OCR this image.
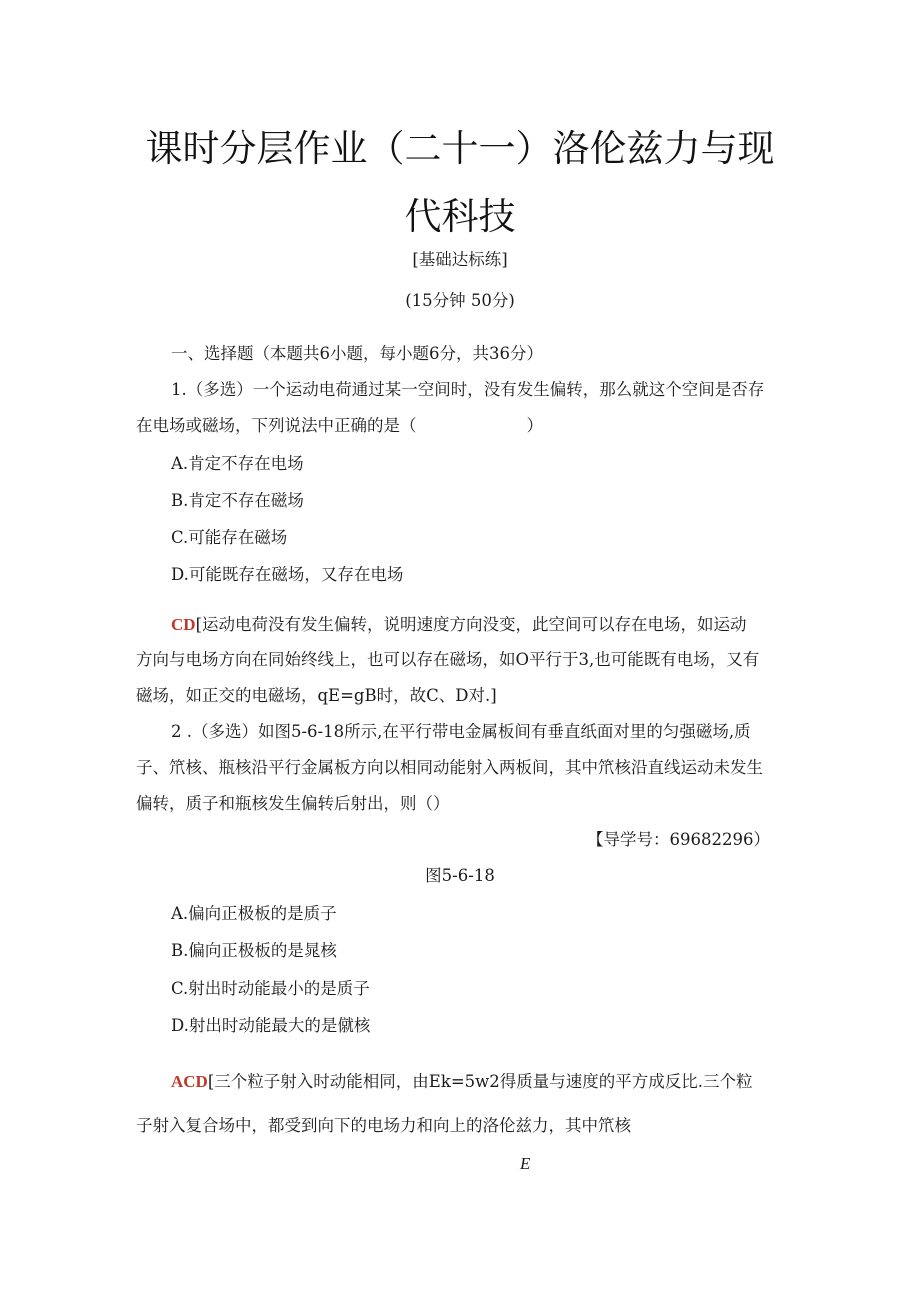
课时分层作业（二十一）洛伦兹力与现
代科技
[基础达标练]
(15分钟 50分)
一、选择题（本题共6小题，每小题6分，共36分）
1.（多选）一个运动电荷通过某一空间时，没有发生偏转，那么就这个空间是否存
在电场或磁场，下列说法中正确的是（	）
A.肯定不存在电场
B.肯定不存在磁场
C.可能存在磁场
D.可能既存在磁场，又存在电场
CD[运动电荷没有发生偏转，说明速度方向没变，此空间可以存在电场，如运动
方向与电场方向在同始终线上，也可以存在磁场，如O平行于3,也可能既有电场，又有
磁场，如正交的电磁场，qE=gB时，故C、D对.]
2 .（多选）如图5-6-18所示,在平行带电金属板间有垂直纸面对里的匀强磁场,质
子、笊核、瓶核沿平行金属板方向以相同动能射入两板间，其中笊核沿直线运动未发生
偏转，质子和瓶核发生偏转后射出，则（）
【导学号：69682296）
图5-6-18
A.偏向正极板的是质子
B.偏向正极板的是晁核
C.射出时动能最小的是质子
D.射出时动能最大的是僦核
ACD[三个粒子射入时动能相同，由Ek=5w2得质量与速度的平方成反比.三个粒
子射入复合场中，都受到向下的电场力和向上的洛伦兹力，其中笊核
E
